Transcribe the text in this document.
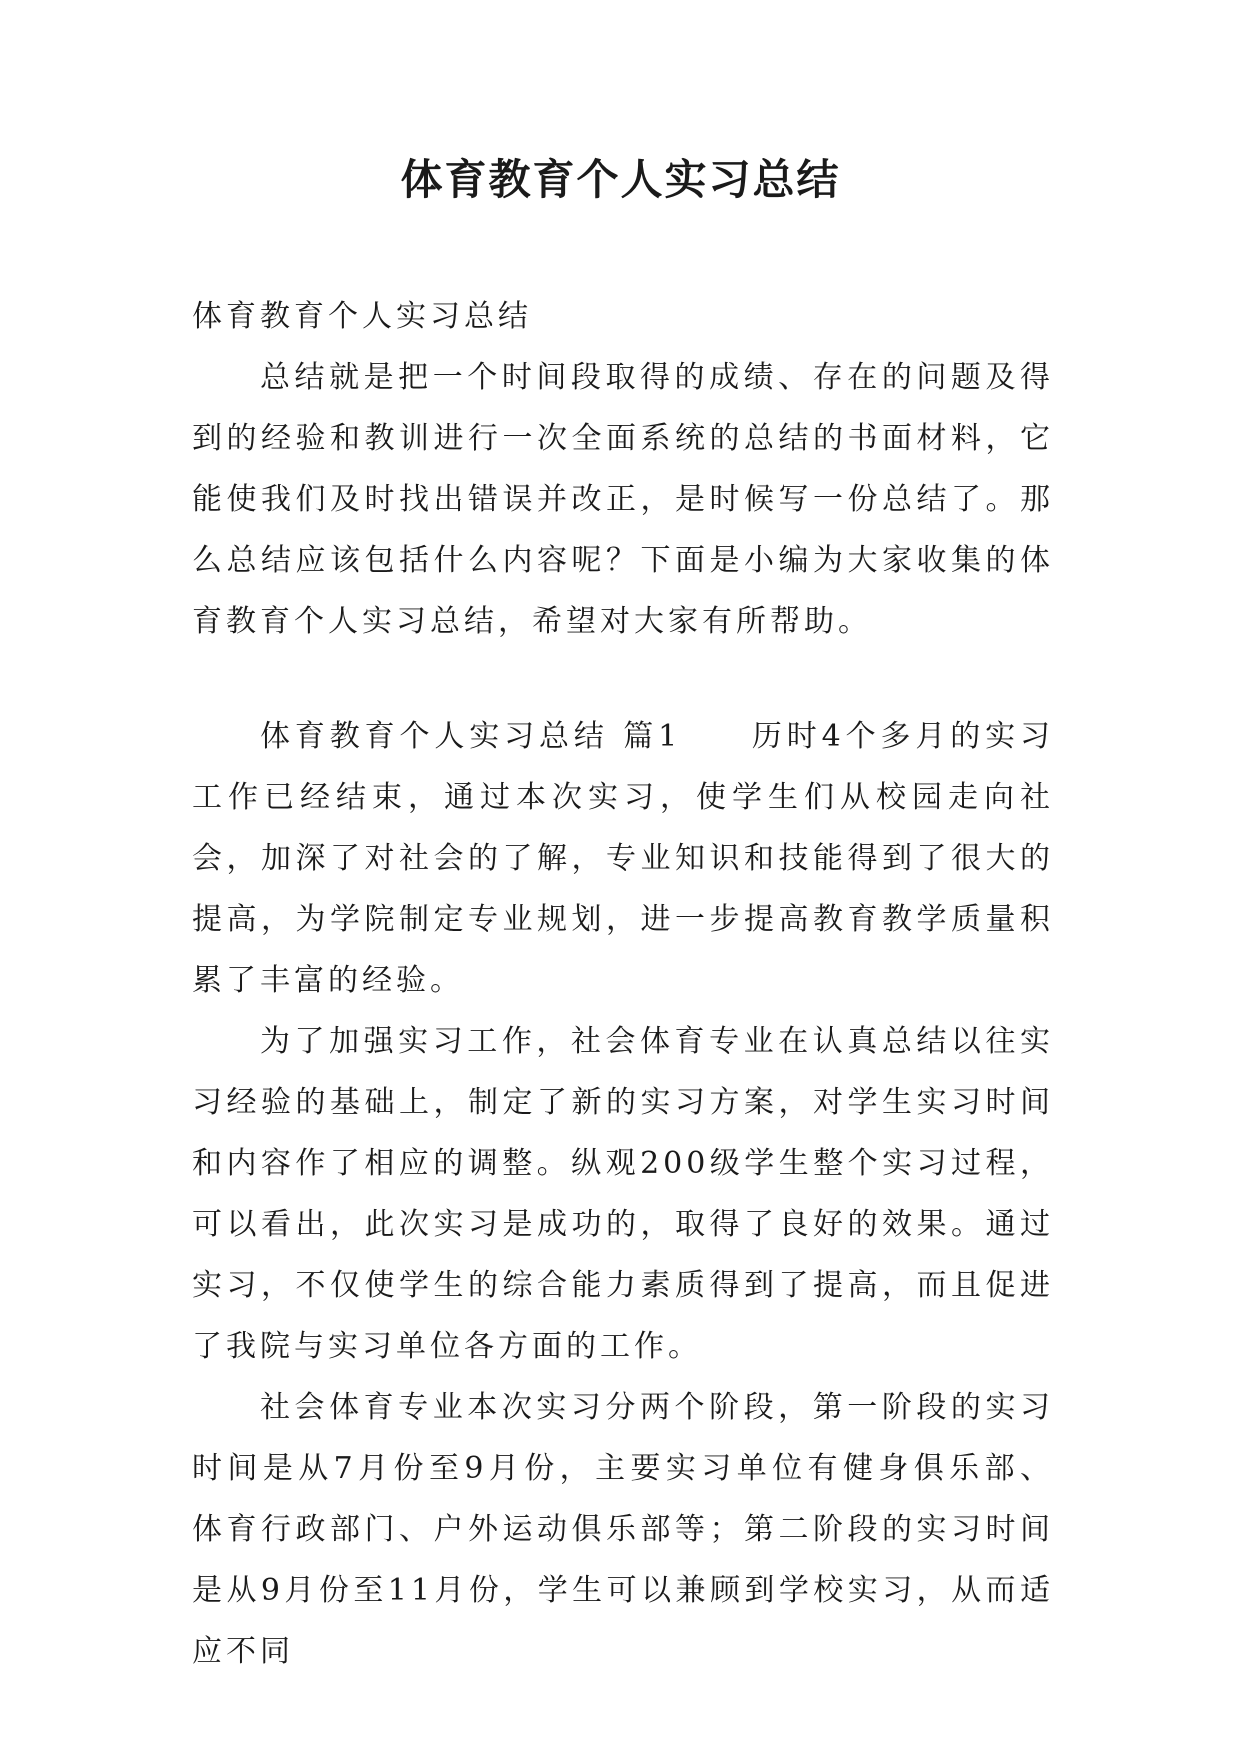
体育教育个人实习总结

体育教育个人实习总结

总结就是把一个时间段取得的成绩、存在的问题及得到的经验和教训进行一次全面系统的总结的书面材料，它能使我们及时找出错误并改正，是时候写一份总结了。那么总结应该包括什么内容呢？下面是小编为大家收集的体育教育个人实习总结，希望对大家有所帮助。

体育教育个人实习总结 篇1　　历时4个多月的实习工作已经结束，通过本次实习，使学生们从校园走向社会，加深了对社会的了解，专业知识和技能得到了很大的提高，为学院制定专业规划，进一步提高教育教学质量积累了丰富的经验。

为了加强实习工作，社会体育专业在认真总结以往实习经验的基础上，制定了新的实习方案，对学生实习时间和内容作了相应的调整。纵观200级学生整个实习过程，可以看出，此次实习是成功的，取得了良好的效果。通过实习，不仅使学生的综合能力素质得到了提高，而且促进了我院与实习单位各方面的工作。

社会体育专业本次实习分两个阶段，第一阶段的实习时间是从7月份至9月份，主要实习单位有健身俱乐部、体育行政部门、户外运动俱乐部等；第二阶段的实习时间是从9月份至11月份，学生可以兼顾到学校实习，从而适应不同
